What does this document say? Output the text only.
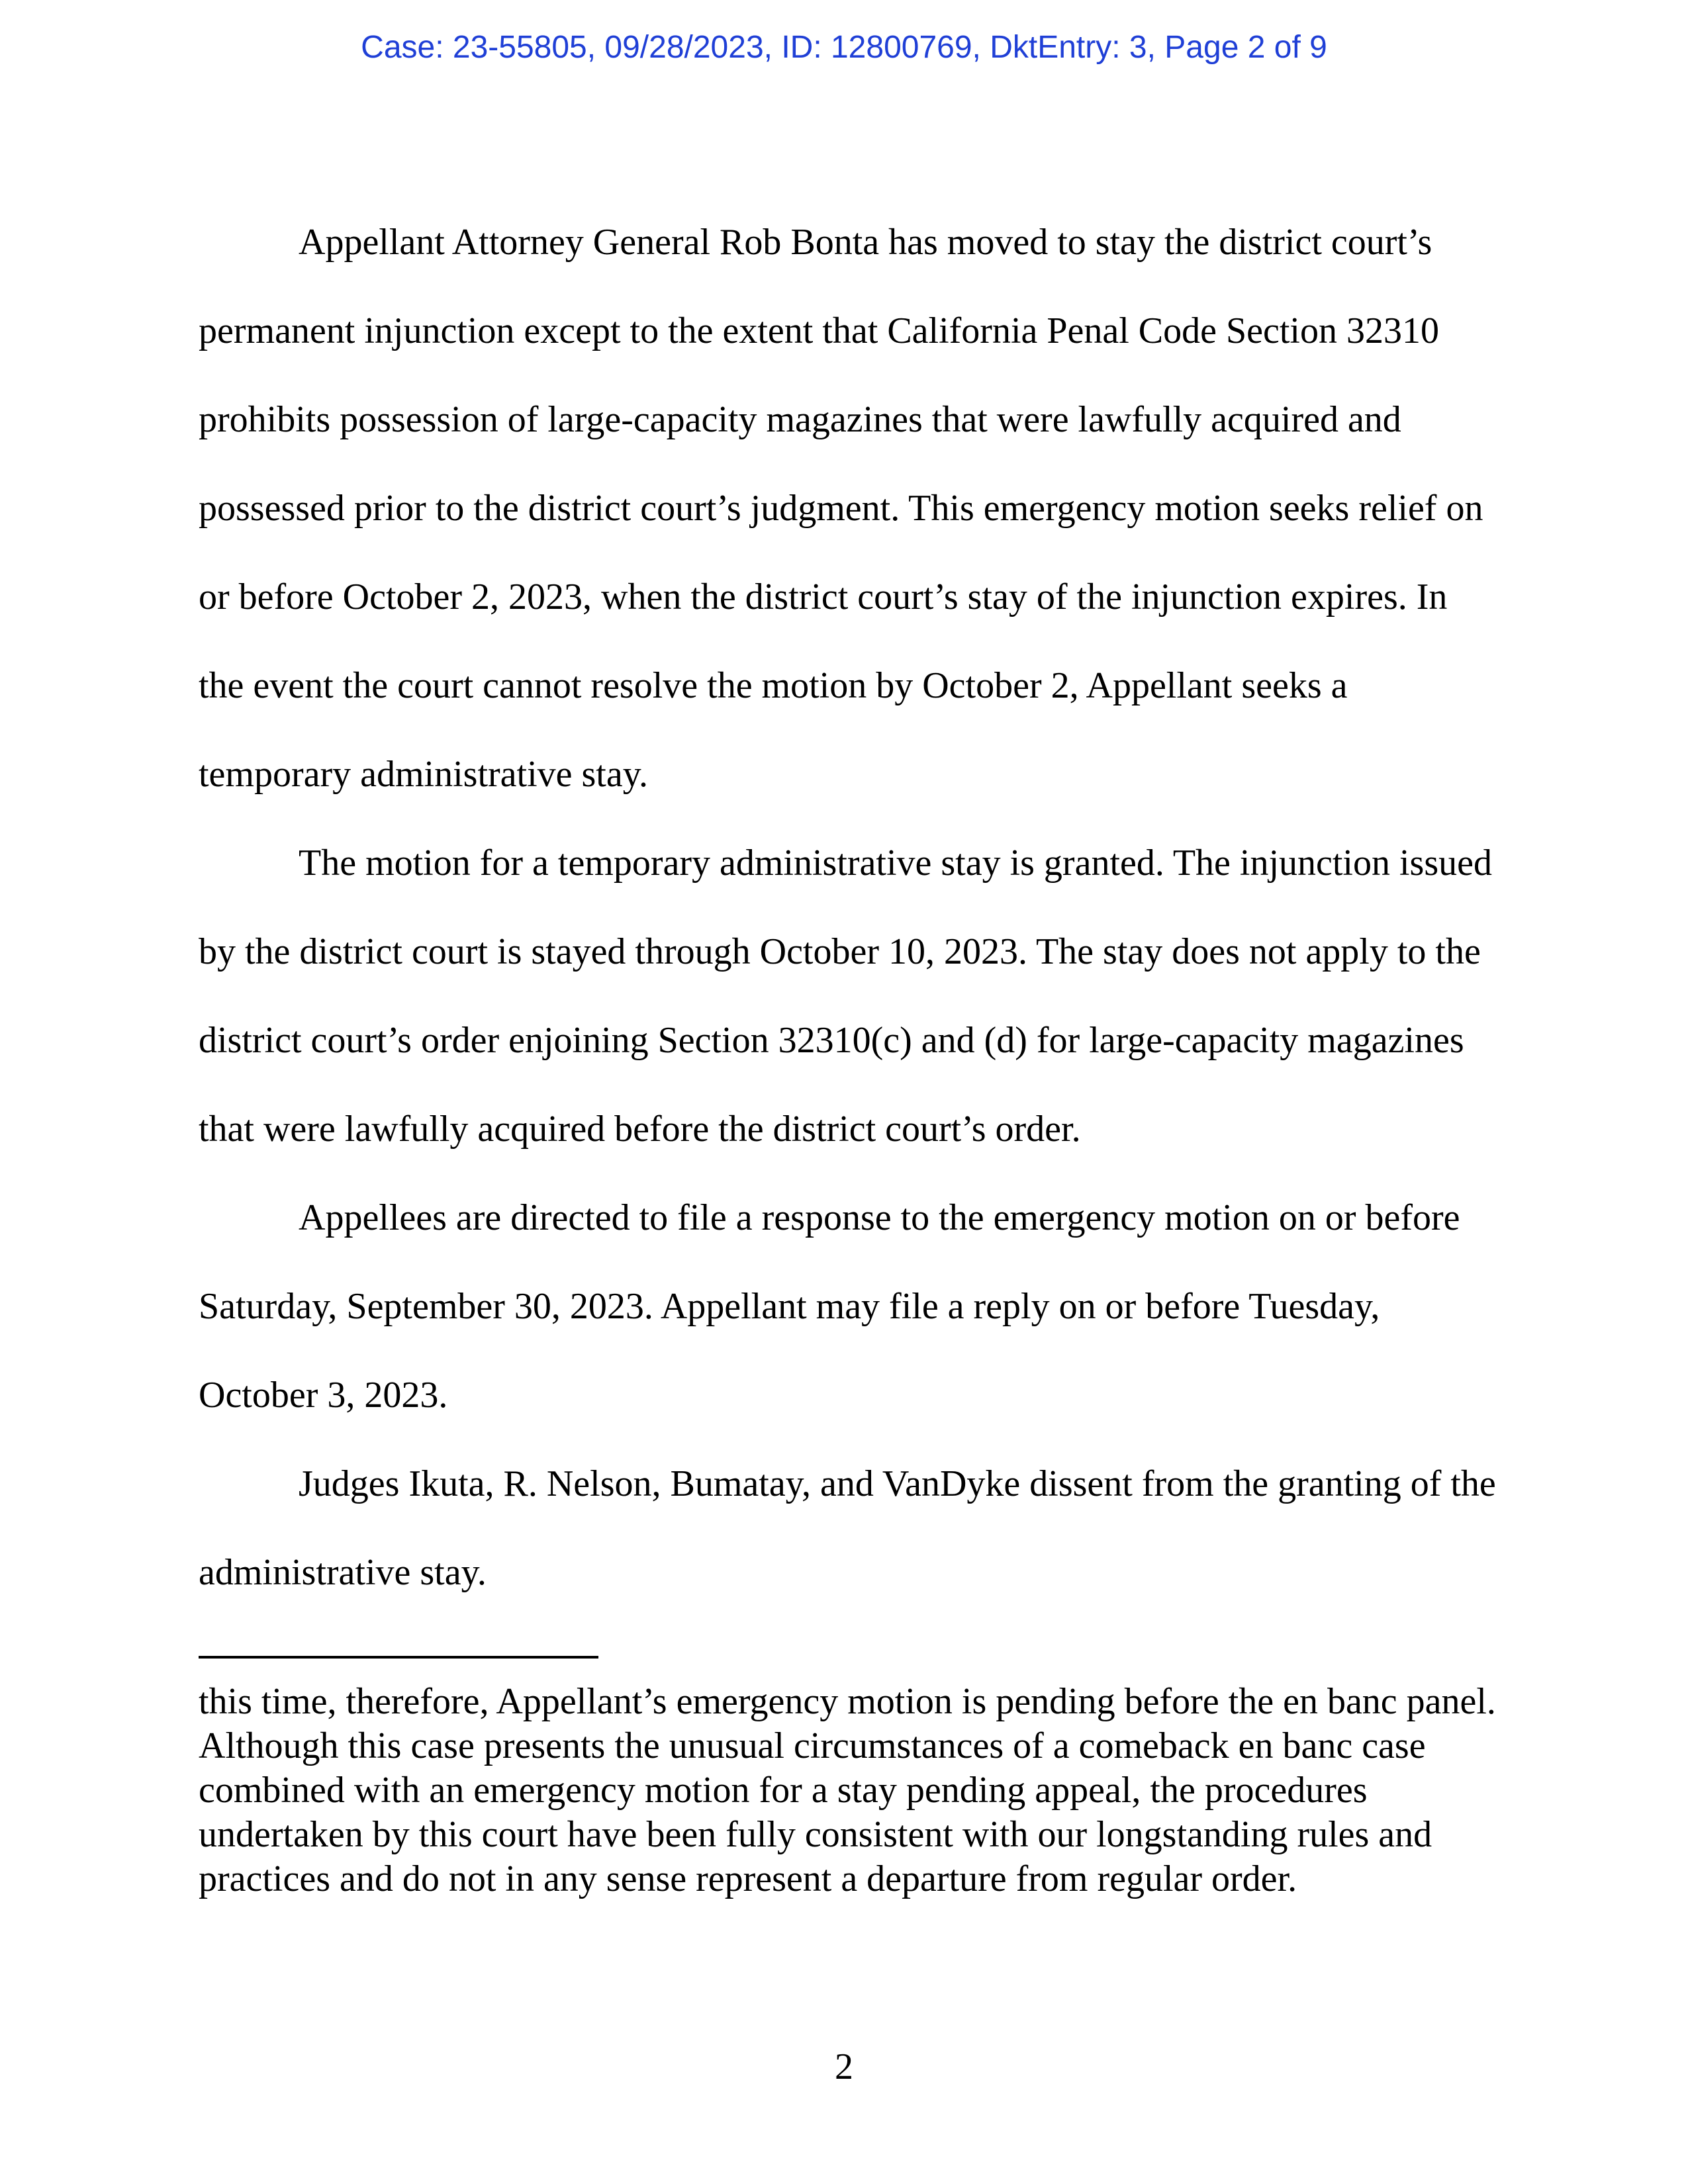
Case: 23-55805, 09/28/2023, ID: 12800769, DktEntry: 3, Page 2 of 9

Appellant Attorney General Rob Bonta has moved to stay the district court’s permanent injunction except to the extent that California Penal Code Section 32310 prohibits possession of large-capacity magazines that were lawfully acquired and possessed prior to the district court’s judgment. This emergency motion seeks relief on or before October 2, 2023, when the district court’s stay of the injunction expires. In the event the court cannot resolve the motion by October 2, Appellant seeks a temporary administrative stay.

The motion for a temporary administrative stay is granted. The injunction issued by the district court is stayed through October 10, 2023. The stay does not apply to the district court’s order enjoining Section 32310(c) and (d) for large-capacity magazines that were lawfully acquired before the district court’s order.

Appellees are directed to file a response to the emergency motion on or before Saturday, September 30, 2023. Appellant may file a reply on or before Tuesday, October 3, 2023.

Judges Ikuta, R. Nelson, Bumatay, and VanDyke dissent from the granting of the administrative stay.

this time, therefore, Appellant’s emergency motion is pending before the en banc panel. Although this case presents the unusual circumstances of a comeback en banc case combined with an emergency motion for a stay pending appeal, the procedures undertaken by this court have been fully consistent with our longstanding rules and practices and do not in any sense represent a departure from regular order.

2
